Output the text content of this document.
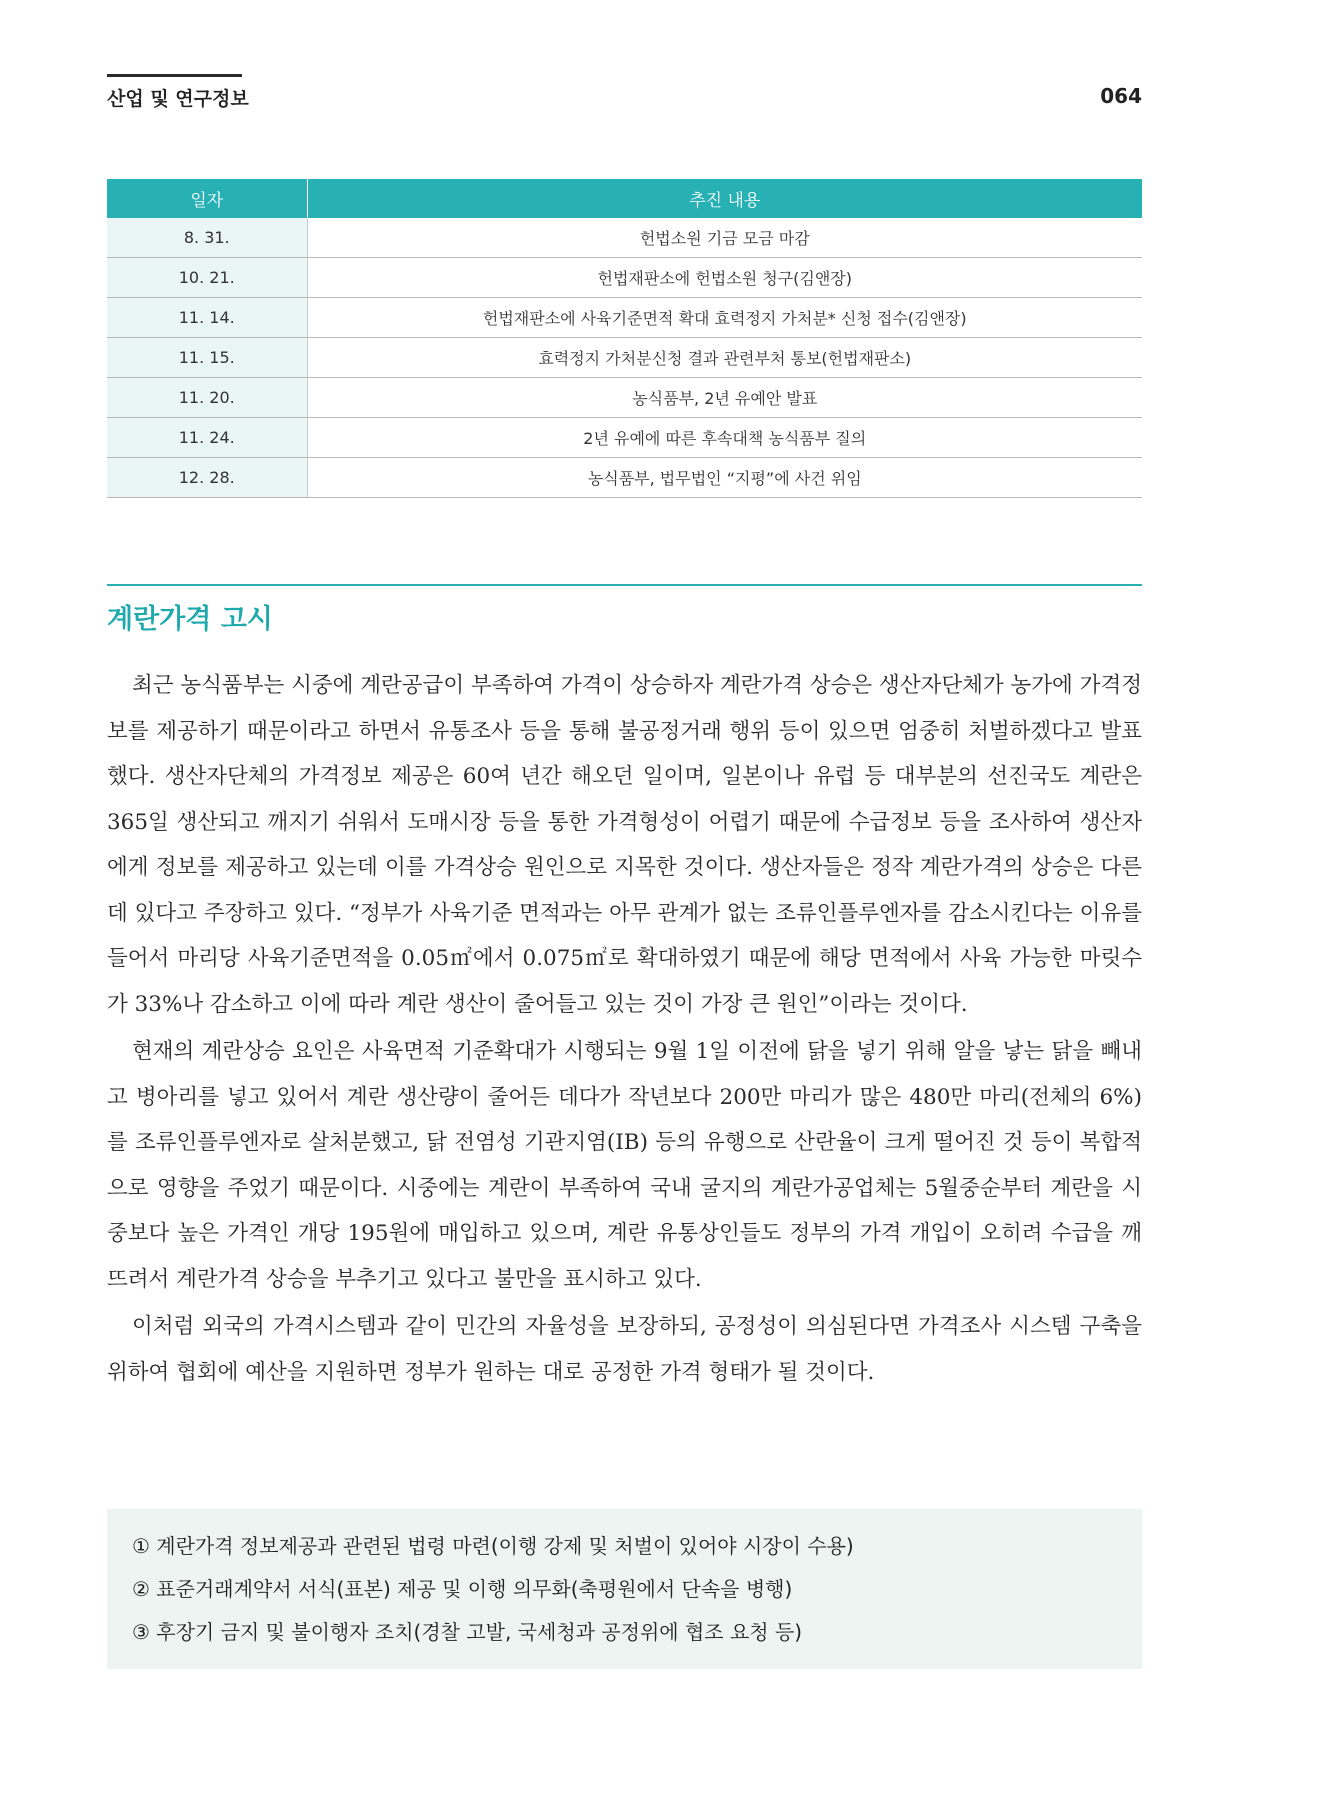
산업 및 연구정보	064
일자	추진 내용
8. 31.	헌법소원 기금 모금 마감
10. 21.	헌법재판소에 헌법소원 청구(김앤장)
11. 14.	헌법재판소에 사육기준면적 확대 효력정지 가처분* 신청 접수(김앤장)
11. 15.	효력정지 가처분신청 결과 관련부처 통보(헌법재판소)
11. 20.	농식품부, 2년 유예안 발표
11. 24.	2년 유예에 따른 후속대책 농식품부 질의
12. 28.	농식품부, 법무법인 “지평”에 사건 위임
계란가격 고시

최근 농식품부는 시중에 계란공급이 부족하여 가격이 상승하자 계란가격 상승은 생산자단체가 농가에 가격정보를 제공하기 때문이라고 하면서 유통조사 등을 통해 불공정거래 행위 등이 있으면 엄중히 처벌하겠다고 발표했다. 생산자단체의 가격정보 제공은 60여 년간 해오던 일이며, 일본이나 유럽 등 대부분의 선진국도 계란은 365일 생산되고 깨지기 쉬워서 도매시장 등을 통한 가격형성이 어렵기 때문에 수급정보 등을 조사하여 생산자에게 정보를 제공하고 있는데 이를 가격상승 원인으로 지목한 것이다. 생산자들은 정작 계란가격의 상승은 다른데 있다고 주장하고 있다. “정부가 사육기준 면적과는 아무 관계가 없는 조류인플루엔자를 감소시킨다는 이유를 들어서 마리당 사육기준면적을 0.05㎡에서 0.075㎡로 확대하였기 때문에 해당 면적에서 사육 가능한 마릿수가 33%나 감소하고 이에 따라 계란 생산이 줄어들고 있는 것이 가장 큰 원인”이라는 것이다.

현재의 계란상승 요인은 사육면적 기준확대가 시행되는 9월 1일 이전에 닭을 넣기 위해 알을 낳는 닭을 빼내고 병아리를 넣고 있어서 계란 생산량이 줄어든 데다가 작년보다 200만 마리가 많은 480만 마리(전체의 6%)를 조류인플루엔자로 살처분했고, 닭 전염성 기관지염(IB) 등의 유행으로 산란율이 크게 떨어진 것 등이 복합적으로 영향을 주었기 때문이다. 시중에는 계란이 부족하여 국내 굴지의 계란가공업체는 5월중순부터 계란을 시중보다 높은 가격인 개당 195원에 매입하고 있으며, 계란 유통상인들도 정부의 가격 개입이 오히려 수급을 깨뜨려서 계란가격 상승을 부추기고 있다고 불만을 표시하고 있다.

이처럼 외국의 가격시스템과 같이 민간의 자율성을 보장하되, 공정성이 의심된다면 가격조사 시스템 구축을 위하여 협회에 예산을 지원하면 정부가 원하는 대로 공정한 가격 형태가 될 것이다.

① 계란가격 정보제공과 관련된 법령 마련(이행 강제 및 처벌이 있어야 시장이 수용)
② 표준거래계약서 서식(표본) 제공 및 이행 의무화(축평원에서 단속을 병행)
③ 후장기 금지 및 불이행자 조치(경찰 고발, 국세청과 공정위에 협조 요청 등)
